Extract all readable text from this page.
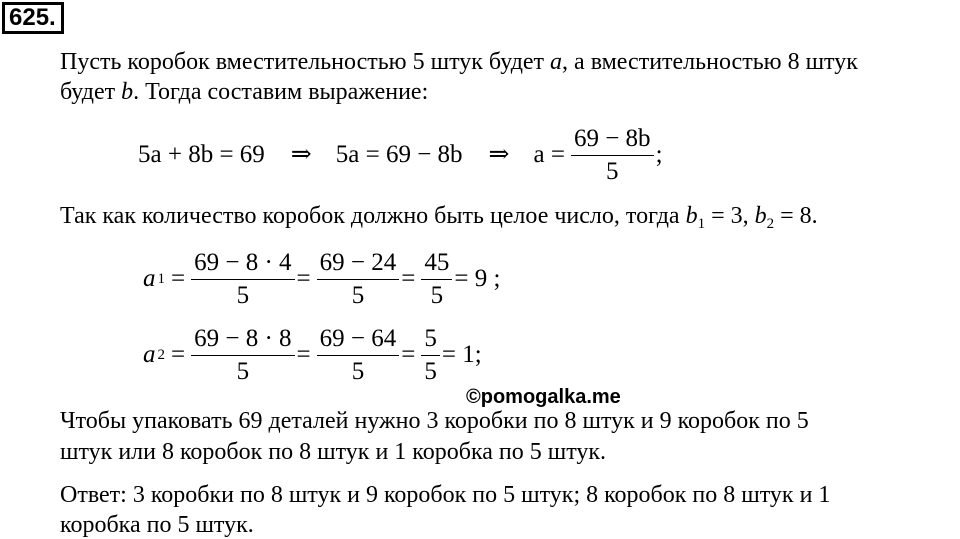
625.
Пусть коробок вместительностью 5 штук будет a, а вместительностью 8 штук
будет b. Тогда составим выражение:
5a + 8b = 69 ⇒ 5a = 69 − 8b ⇒ $a = \frac{69 - 8b}{5}$ ;
Так как количество коробок должно быть целое число, тогда $b_1 = 3$, $b_2 = 8$.
a $1 = \frac{69 - 8 \cdot 4}{5} = \frac{69 - 24}{5} = \frac{45}{5} = 9$ ;
a $2 = \frac{69 - 8 \cdot 8}{5} = \frac{69 - 64}{5} = \frac{5}{5} = 1$;
©pomogalka.me
Чтобы упаковать 69 деталей нужно 3 коробки по 8 штук и 9 коробок по 5
штук или 8 коробок по 8 штук и 1 коробка по 5 штук.
Ответ: 3 коробки по 8 штук и 9 коробок по 5 штук; 8 коробок по 8 штук и 1
коробка по 5 штук.
